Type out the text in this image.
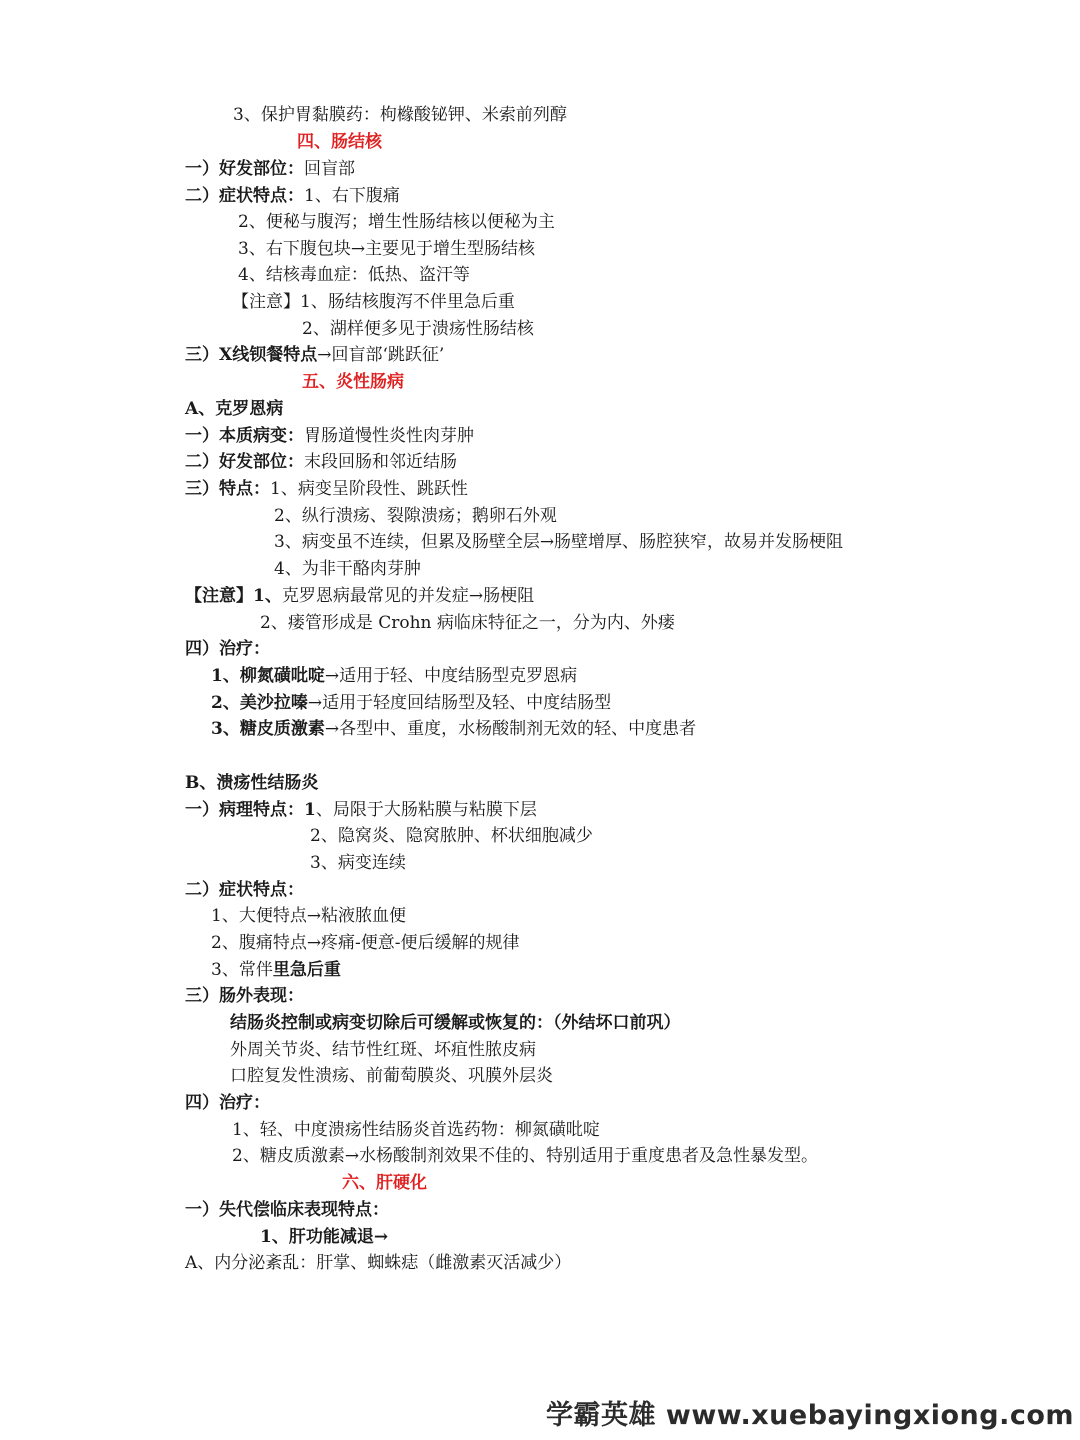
3、保护胃黏膜药：枸橼酸铋钾、米索前列醇
四、肠结核
一）好发部位：回盲部
二）症状特点：1、右下腹痛
2、便秘与腹泻；增生性肠结核以便秘为主
3、右下腹包块→主要见于增生型肠结核
4、结核毒血症：低热、盗汗等
【注意】1、肠结核腹泻不伴里急后重
2、湖样便多见于溃疡性肠结核
三）X线钡餐特点→回盲部‘跳跃征’
五、炎性肠病
A、克罗恩病
一）本质病变：胃肠道慢性炎性肉芽肿
二）好发部位：末段回肠和邻近结肠
三）特点：1、病变呈阶段性、跳跃性
2、纵行溃疡、裂隙溃疡；鹅卵石外观
3、病变虽不连续，但累及肠壁全层→肠壁增厚、肠腔狭窄，故易并发肠梗阻
4、为非干酪肉芽肿
【注意】1、克罗恩病最常见的并发症→肠梗阻
2、瘘管形成是 Crohn 病临床特征之一，分为内、外瘘
四）治疗：
1、柳氮磺吡啶→适用于轻、中度结肠型克罗恩病
2、美沙拉嗪→适用于轻度回结肠型及轻、中度结肠型
3、糖皮质激素→各型中、重度，水杨酸制剂无效的轻、中度患者
B、溃疡性结肠炎
一）病理特点：1、局限于大肠粘膜与粘膜下层
2、隐窝炎、隐窝脓肿、杯状细胞减少
3、病变连续
二）症状特点：
1、大便特点→粘液脓血便
2、腹痛特点→疼痛-便意-便后缓解的规律
3、常伴里急后重
三）肠外表现：
结肠炎控制或病变切除后可缓解或恢复的：（外结坏口前巩）
外周关节炎、结节性红斑、坏疽性脓皮病
口腔复发性溃疡、前葡萄膜炎、巩膜外层炎
四）治疗：
1、轻、中度溃疡性结肠炎首选药物：柳氮磺吡啶
2、糖皮质激素→水杨酸制剂效果不佳的、特别适用于重度患者及急性暴发型。
六、肝硬化
一）失代偿临床表现特点：
1、肝功能减退→
A、内分泌紊乱：肝掌、蜘蛛痣（雌激素灭活减少）
学霸英雄 www.xuebayingxiong.com
